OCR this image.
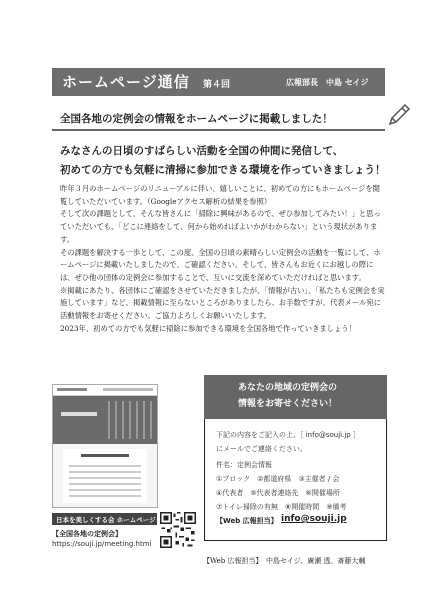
ホームページ通信 第４回	広報部長　中島 セイジ
全国各地の定例会の情報をホームページに掲載しました！
みなさんの日頃のすばらしい活動を全国の仲間に発信して、
初めての方でも気軽に清掃に参加できる環境を作っていきましょう！

昨年３月のホームページのリニューアルに伴い、嬉しいことに、初めての方にもホームページを閲覧していただいています。（Googleアクセス解析の結果を参照）

そして次の課題として、そんな皆さんに「掃除に興味があるので、ぜひ参加してみたい！」と思っていただいても、「どこに連絡をして、何から始めればよいかがわからない」という現状があります。

その課題を解決する一歩として、この度、全国の日頃の素晴らしい定例会の活動を一覧にして、ホームページに掲載いたしましたので、ご確認ください。そして、皆さんもお近くにお越しの際には、ぜひ他の団体の定例会に参加することで、互いに交流を深めていただければと思います。

※掲載にあたり、各団体にご確認をさせていただきましたが、「情報が古い」、「私たちも定例会を実施しています」など、掲載情報に至らないところがありましたら、お手数ですが、代表メール宛に活動情報をお寄せください。ご協力よろしくお願いいたします。

2023年、初めての方でも気軽に掃除に参加できる環境を全国各地で作っていきましょう！

日本を美しくする会 ホームページ
【全国各地の定例会】
https://souji.jp/meeting.html
あなたの地域の定例会の
情報をお寄せください！
下記の内容をご記入の上、［ info@souji.jp ］
にメールでご連絡ください。
件名：定例会情報
①ブロック　②都道府県　③主催者 / 会
④代表者　⑤代表者連絡先　⑥開催場所
⑦トイレ掃除の有無　⑧開催時間　⑨備考
【Web 広報担当】 info@souji.jp
【Web 広報担当】　中島セイジ、廣瀬 透、斎藤大輔
